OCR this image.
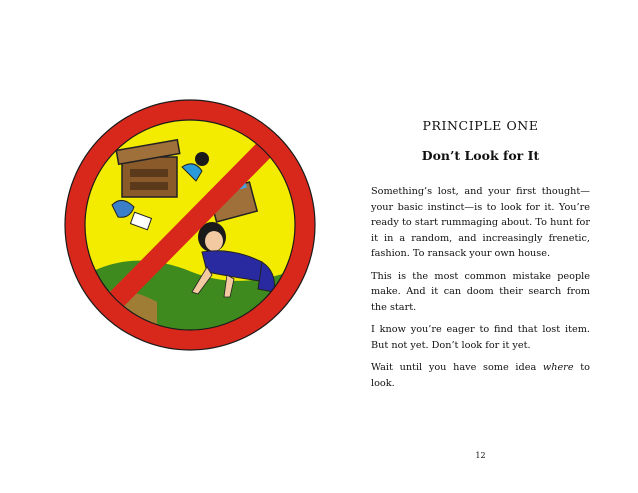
PRINCIPLE ONE
Don’t Look for It

Something’s lost, and your first thought—your basic instinct—is to look for it. You’re ready to start rummaging about. To hunt for it in a random, and increasingly frenetic, fashion. To ransack your own house.

This is the most common mistake people make. And it can doom their search from the start.

I know you’re eager to find that lost item. But not yet. Don’t look for it yet.

Wait until you have some idea where to look.

12
